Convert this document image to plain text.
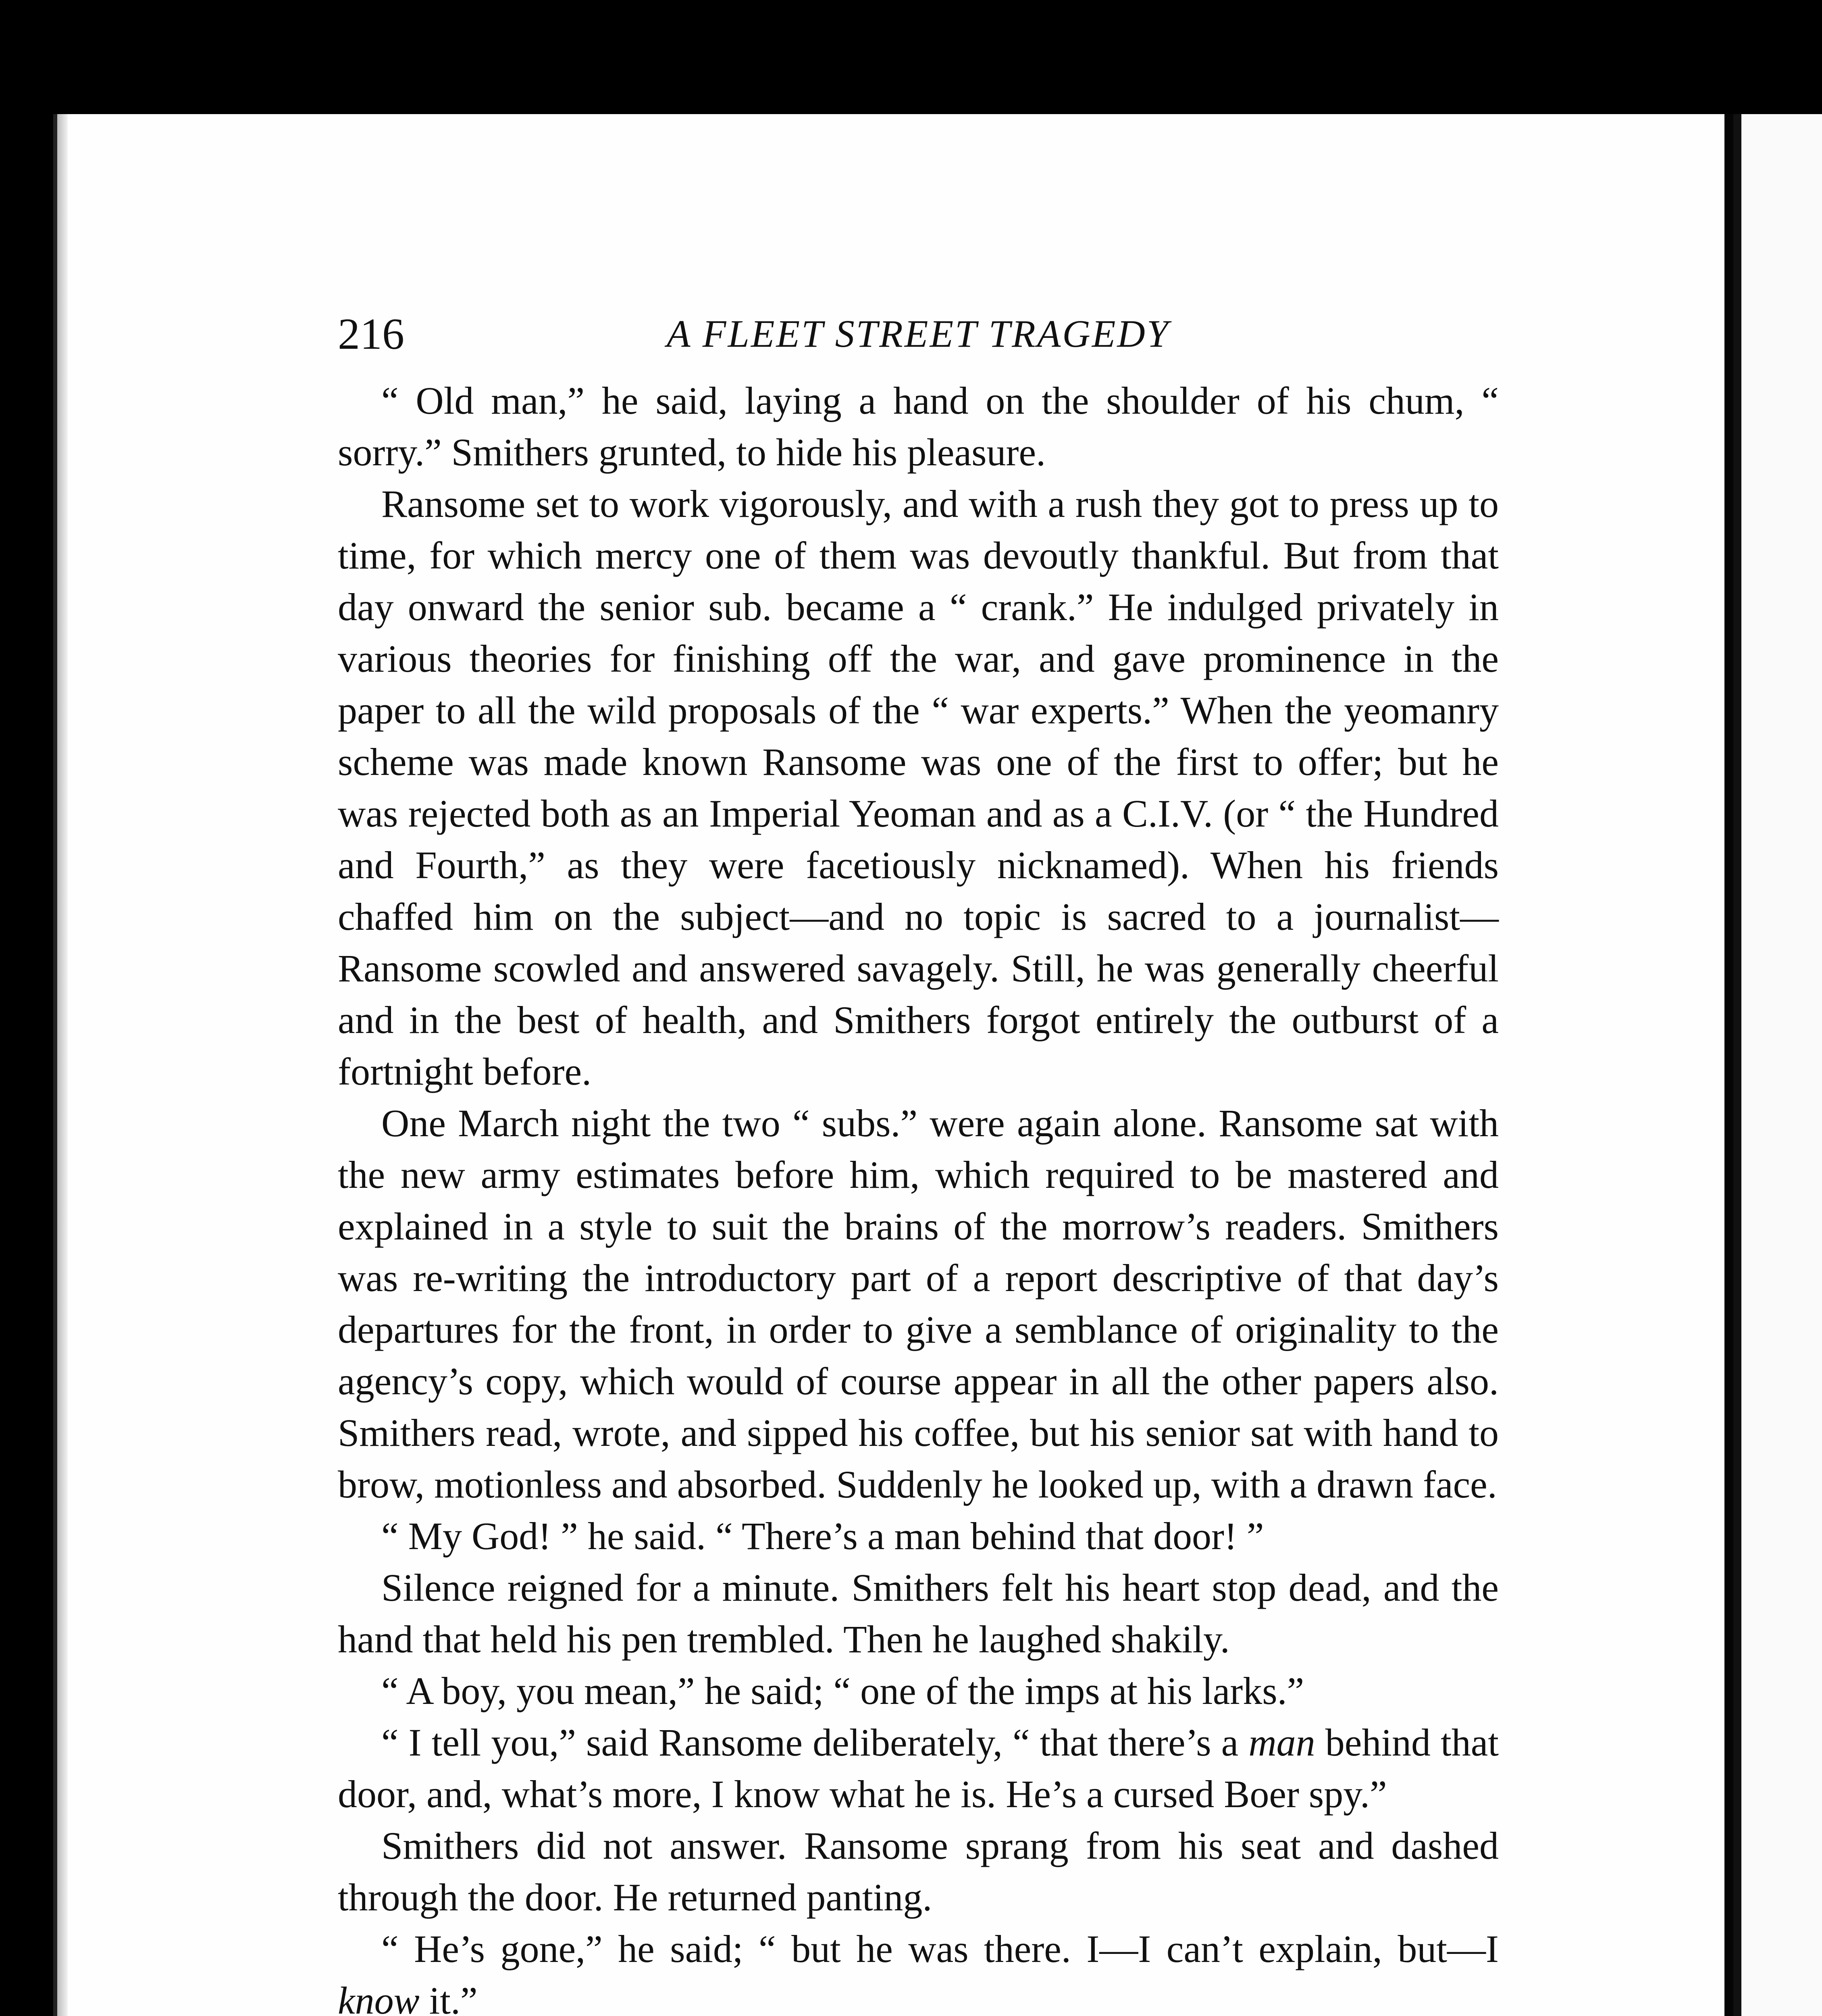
216	A FLEET STREET TRAGEDY

“ Old man,” he said, laying a hand on the shoulder of his chum, “ sorry.” Smithers grunted, to hide his pleasure.

Ransome set to work vigorously, and with a rush they got to press up to time, for which mercy one of them was devoutly thankful. But from that day onward the senior sub. became a “ crank.” He indulged privately in various theories for finishing off the war, and gave prominence in the paper to all the wild proposals of the “ war experts.” When the yeomanry scheme was made known Ransome was one of the first to offer; but he was rejected both as an Imperial Yeoman and as a C.I.V. (or “ the Hundred and Fourth,” as they were facetiously nicknamed). When his friends chaffed him on the subject—and no topic is sacred to a journalist—Ransome scowled and answered savagely. Still, he was generally cheerful and in the best of health, and Smithers forgot entirely the outburst of a fortnight before.

One March night the two “ subs.” were again alone. Ransome sat with the new army estimates before him, which required to be mastered and explained in a style to suit the brains of the morrow’s readers. Smithers was re-writing the introductory part of a report descriptive of that day’s departures for the front, in order to give a semblance of originality to the agency’s copy, which would of course appear in all the other papers also. Smithers read, wrote, and sipped his coffee, but his senior sat with hand to brow, motionless and absorbed. Suddenly he looked up, with a drawn face.

“ My God! ” he said. “ There’s a man behind that door! ”

Silence reigned for a minute. Smithers felt his heart stop dead, and the hand that held his pen trembled. Then he laughed shakily.

“ A boy, you mean,” he said; “ one of the imps at his larks.”

“ I tell you,” said Ransome deliberately, “ that there’s a man behind that door, and, what’s more, I know what he is. He’s a cursed Boer spy.”

Smithers did not answer. Ransome sprang from his seat and dashed through the door. He returned panting.

“ He’s gone,” he said; “ but he was there. I—I can’t explain, but—I know it.”
